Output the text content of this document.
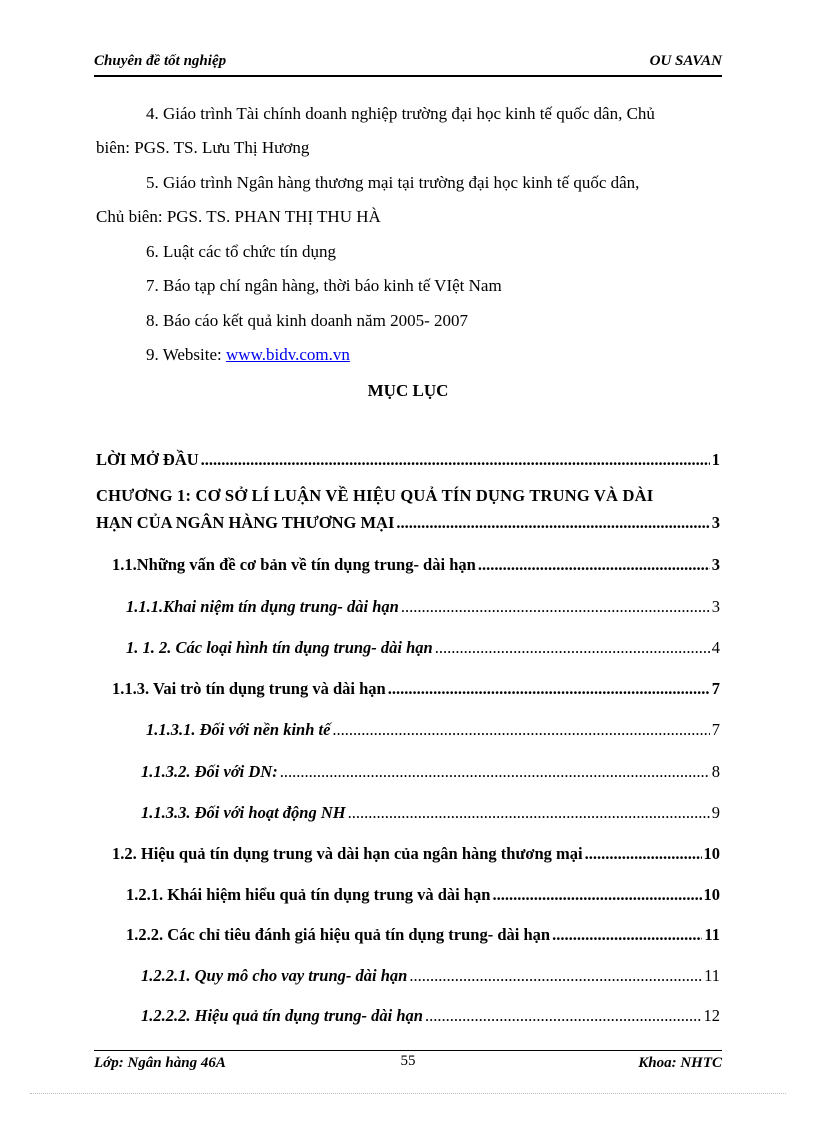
Chuyên đề tốt nghiệp	OU SAVAN
4. Giáo trình Tài chính doanh nghiệp trường đại học kinh tế quốc dân, Chủ
biên: PGS. TS. Lưu Thị Hương
5. Giáo trình Ngân hàng thương mại tại trường đại học kinh tế quốc dân,
Chủ biên: PGS. TS. PHAN THỊ THU HÀ
6. Luật các tổ chức tín dụng
7. Báo tạp chí ngân hàng, thời báo kinh tế VIệt Nam
8. Báo cáo kết quả kinh doanh năm 2005- 2007
9. Website: www.bidv.com.vn
MỤC LỤC
LỜI MỞ ĐẦU .....	1
CHƯƠNG 1: CƠ SỞ LÍ LUẬN VỀ HIỆU QUẢ TÍN DỤNG TRUNG VÀ DÀI
HẠN CỦA NGÂN HÀNG THƯƠNG MẠI .....	3
1.1.Những vấn đề cơ bản về tín dụng trung- dài hạn .....	3
1.1.1.Khai niệm tín dụng trung- dài hạn .....	3
1. 1. 2. Các loại hình tín dụng trung- dài hạn .....	4
1.1.3. Vai trò tín dụng trung và dài hạn .....	7
1.1.3.1. Đối với nền kinh tế .....	7
1.1.3.2. Đối với DN: .....	8
1.1.3.3. Đối với hoạt động NH .....	9
1.2. Hiệu quả tín dụng trung và dài hạn của ngân hàng thương mại .....	10
1.2.1. Khái hiệm hiểu quả tín dụng trung và dài hạn .....	10
1.2.2. Các chỉ tiêu đánh giá hiệu quả tín dụng trung- dài hạn .....	11
1.2.2.1. Quy mô cho vay trung- dài hạn .....	11
1.2.2.2. Hiệu quả tín dụng trung- dài hạn .....	12
Lớp: Ngân hàng 46A	55	Khoa: NHTC
